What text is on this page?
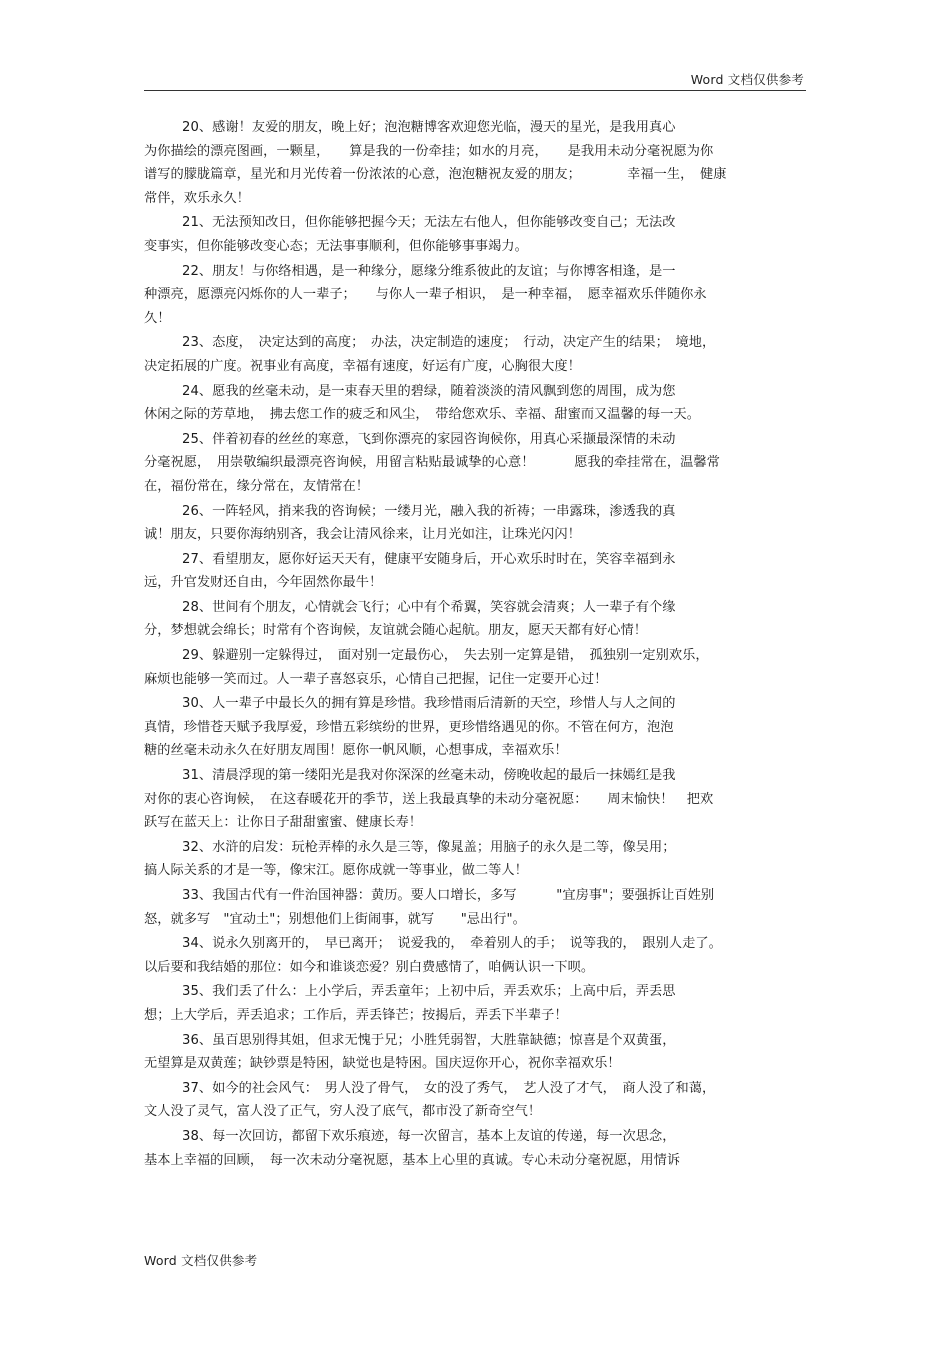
Word 文档仅供参考
20、感谢！友爱的朋友，晚上好；泡泡糖博客欢迎您光临，漫天的星光，是我用真心
为你描绘的漂亮图画，一颗星，　　算是我的一份牵挂；如水的月亮，　　是我用未动分毫祝愿为你
谱写的朦胧篇章，星光和月光传着一份浓浓的心意，泡泡糖祝友爱的朋友；　　　　幸福一生，　健康
常伴，欢乐永久！
21、无法预知改日，但你能够把握今天；无法左右他人，但你能够改变自己；无法改
变事实，但你能够改变心态；无法事事顺利，但你能够事事竭力。
22、朋友！与你络相遇，是一种缘分，愿缘分维系彼此的友谊；与你博客相逢，是一
种漂亮，愿漂亮闪烁你的人一辈子；　　与你人一辈子相识，　是一种幸福，　愿幸福欢乐伴随你永
久！
23、态度，　决定达到的高度；　办法，决定制造的速度；　行动，决定产生的结果；　境地，
决定拓展的广度。祝事业有高度，幸福有速度，好运有广度，心胸很大度！
24、愿我的丝毫未动，是一束春天里的碧绿，随着淡淡的清风飘到您的周围，成为您
休闲之际的芳草地，　拂去您工作的疲乏和风尘，　带给您欢乐、幸福、甜蜜而又温馨的每一天。
25、伴着初春的丝丝的寒意，飞到你漂亮的家园咨询候你，用真心采撷最深情的未动
分毫祝愿，　用崇敬编织最漂亮咨询候，用留言粘贴最诚挚的心意！　　　愿我的牵挂常在，温馨常
在，福份常在，缘分常在，友情常在！
26、一阵轻风，捎来我的咨询候；一缕月光，融入我的祈祷；一串露珠，渗透我的真
诚！朋友，只要你海纳别吝，我会让清风徐来，让月光如注，让珠光闪闪！
27、看望朋友，愿你好运天天有，健康平安随身后，开心欢乐时时在，笑容幸福到永
远，升官发财还自由，今年固然你最牛！
28、世间有个朋友，心情就会飞行；心中有个希翼，笑容就会清爽；人一辈子有个缘
分，梦想就会绵长；时常有个咨询候，友谊就会随心起航。朋友，愿天天都有好心情！
29、躲避别一定躲得过，　面对别一定最伤心，　失去别一定算是错，　孤独别一定别欢乐，
麻烦也能够一笑而过。人一辈子喜怒哀乐，心情自己把握，记住一定要开心过！
30、人一辈子中最长久的拥有算是珍惜。我珍惜雨后清新的天空，珍惜人与人之间的
真情，珍惜苍天赋予我厚爱，珍惜五彩缤纷的世界，更珍惜络遇见的你。不管在何方，泡泡
糖的丝毫未动永久在好朋友周围！愿你一帆风顺，心想事成，幸福欢乐！
31、清晨浮现的第一缕阳光是我对你深深的丝毫未动，傍晚收起的最后一抹嫣红是我
对你的衷心咨询候，　在这春暖花开的季节，送上我最真挚的未动分毫祝愿：　　周末愉快！　把欢
跃写在蓝天上：让你日子甜甜蜜蜜、健康长寿！
32、水浒的启发：玩枪弄棒的永久是三等，像晁盖；用脑子的永久是二等，像吴用；
搞人际关系的才是一等，像宋江。愿你成就一等事业，做二等人！
33、我国古代有一件治国神器：黄历。要人口增长，多写　　　"宜房事"；要强拆让百姓别
怒，就多写　"宜动土"；别想他们上街闹事，就写　　"忌出行"。
34、说永久别离开的，　早已离开；　说爱我的，　牵着别人的手；　说等我的，　跟别人走了。
以后要和我结婚的那位：如今和谁谈恋爱？别白费感情了，咱俩认识一下呗。
35、我们丢了什么：上小学后，弄丢童年；上初中后，弄丢欢乐；上高中后，弄丢思
想；上大学后，弄丢追求；工作后，弄丢锋芒；按揭后，弄丢下半辈子！
36、虽百思别得其姐，但求无愧于兄；小胜凭弱智，大胜靠缺德；惊喜是个双黄蛋，
无望算是双黄莲；缺钞票是特困，缺觉也是特困。国庆逗你开心，祝你幸福欢乐！
37、如今的社会风气：　男人没了骨气，　女的没了秀气，　艺人没了才气，　商人没了和蔼，
文人没了灵气，富人没了正气，穷人没了底气，都市没了新奇空气！
38、每一次回访，都留下欢乐痕迹，每一次留言，基本上友谊的传递，每一次思念，
基本上幸福的回顾，　每一次未动分毫祝愿，基本上心里的真诚。专心未动分毫祝愿，用情诉
Word 文档仅供参考
